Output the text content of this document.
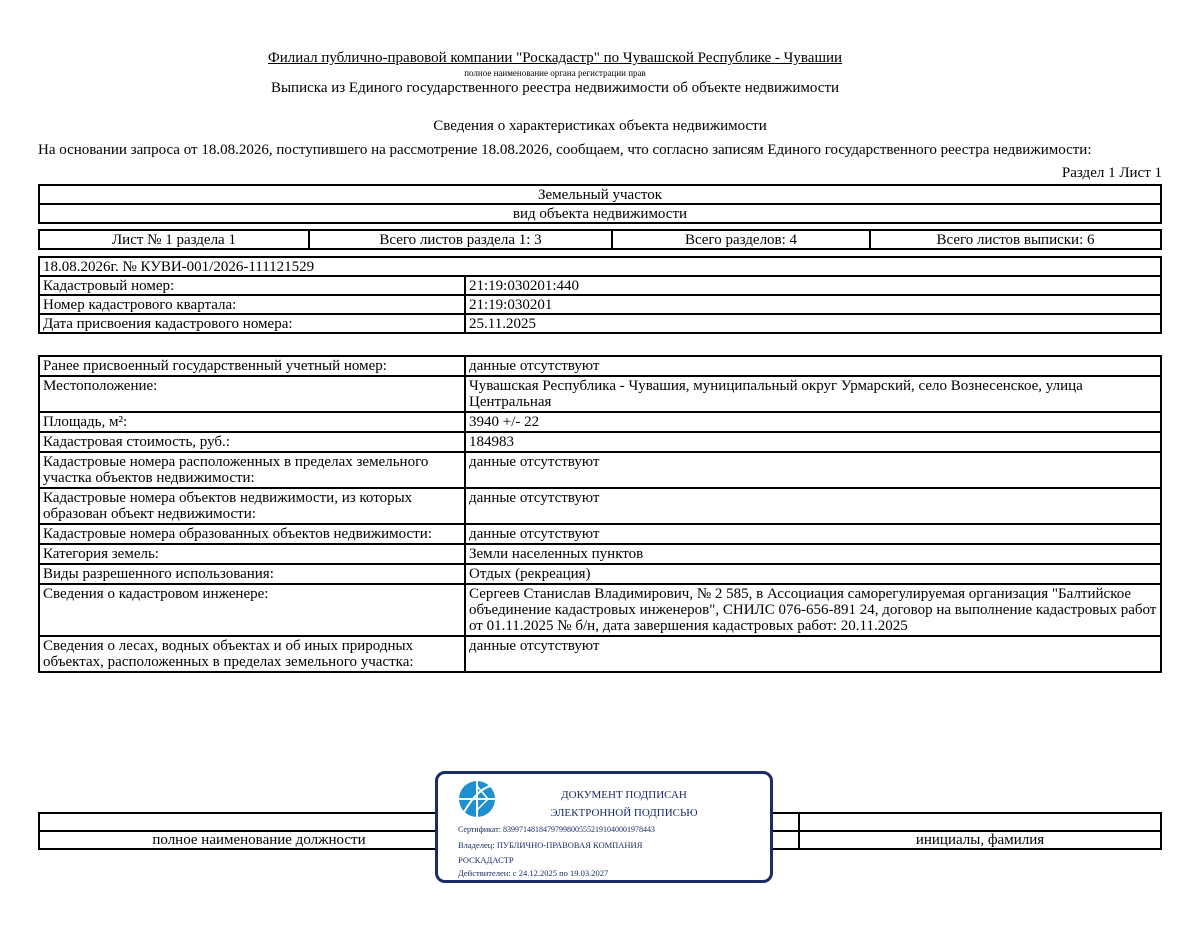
Филиал публично-правовой компании "Роскадастр" по Чувашской Республике - Чувашии
полное наименование органа регистрации прав
Выписка из Единого государственного реестра недвижимости об объекте недвижимости
Сведения о характеристиках объекта недвижимости
На основании запроса от 18.08.2026, поступившего на рассмотрение 18.08.2026, сообщаем, что согласно записям Единого государственного реестра недвижимости:
Раздел 1 Лист 1
Земельный участок
вид объекта недвижимости
Лист № 1 раздела 1	Всего листов раздела 1: 3	Всего разделов: 4	Всего листов выписки: 6
18.08.2026г. № КУВИ-001/2026-111121529	
Кадастровый номер:	21:19:030201:440
Номер кадастрового квартала:	21:19:030201
Дата присвоения кадастрового номера:	25.11.2025
Ранее присвоенный государственный учетный номер:	данные отсутствуют
Местоположение:	Чувашская Республика - Чувашия, муниципальный округ Урмарский, село Вознесенское, улица Центральная
Площадь, м²:	3940 +/- 22
Кадастровая стоимость, руб.:	184983
Кадастровые номера расположенных в пределах земельного участка объектов недвижимости:	данные отсутствуют
Кадастровые номера объектов недвижимости, из которых образован объект недвижимости:	данные отсутствуют
Кадастровые номера образованных объектов недвижимости:	данные отсутствуют
Категория земель:	Земли населенных пунктов
Виды разрешенного использования:	Отдых (рекреация)
Сведения о кадастровом инженере:	Сергеев Станислав Владимирович, № 2 585, в Ассоциация саморегулируемая организация "Балтийское объединение кадастровых инженеров", СНИЛС 076-656-891 24, договор на выполнение кадастровых работ от 01.11.2025 № б/н, дата завершения кадастровых работ: 20.11.2025
Сведения о лесах, водных объектах и об иных природных объектах, расположенных в пределах земельного участка:	данные отсутствуют

полное наименование должности		инициалы, фамилия
ДОКУМЕНТ ПОДПИСАН
ЭЛЕКТРОННОЙ ПОДПИСЬЮ
Сертификат: 8399714818479799800555219104000197844З
Владелец: ПУБЛИЧНО-ПРАВОВАЯ КОМПАНИЯ
РОСКАДАСТР
Действителен: с 24.12.2025 по 19.03.2027
